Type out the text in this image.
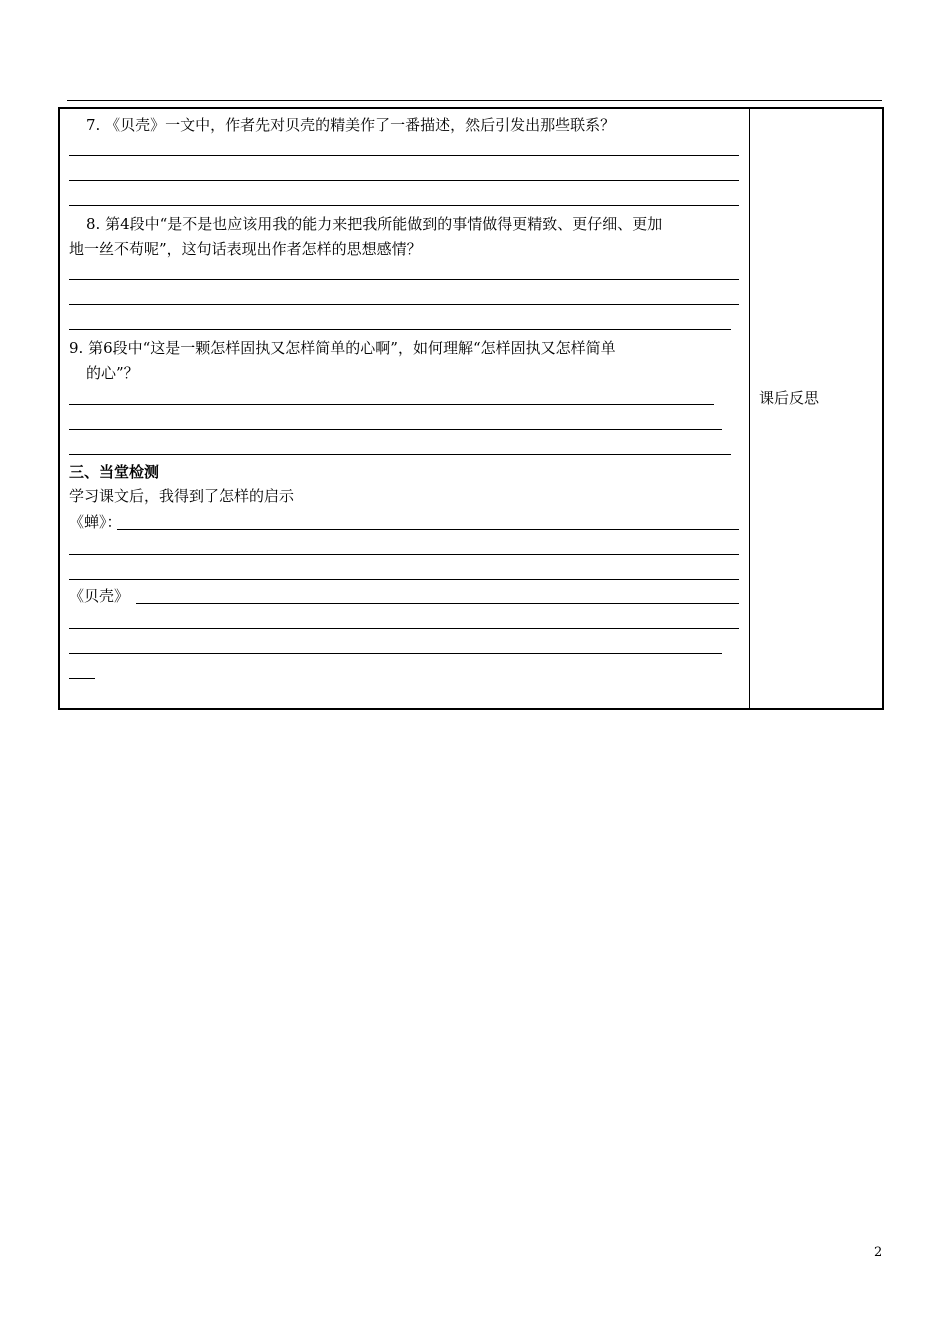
7. 《贝壳》一文中，作者先对贝壳的精美作了一番描述，然后引发出那些联系？
8. 第4段中“是不是也应该用我的能力来把我所能做到的事情做得更精致、更仔细、更加
地一丝不苟呢”，这句话表现出作者怎样的思想感情？
9. 第6段中“这是一颗怎样固执又怎样简单的心啊”，如何理解“怎样固执又怎样简单
的心”？
三、当堂检测
学习课文后，我得到了怎样的启示
《蝉》：
《贝壳》
课后反思
2
